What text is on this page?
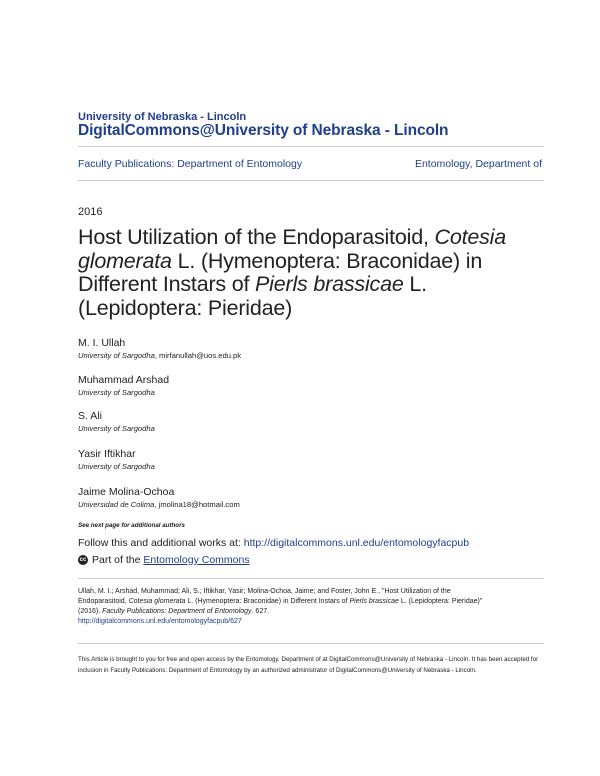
University of Nebraska - Lincoln
DigitalCommons@University of Nebraska - Lincoln
Faculty Publications: Department of Entomology	Entomology, Department of
2016
Host Utilization of the Endoparasitoid, Cotesia glomerata L. (Hymenoptera: Braconidae) in Different Instars of Pierls brassicae L. (Lepidoptera: Pieridae)
M. I. Ullah
University of Sargodha, mirfanullah@uos.edu.pk
Muhammad Arshad
University of Sargodha
S. Ali
University of Sargodha
Yasir Iftikhar
University of Sargodha
Jaime Molina-Ochoa
Universidad de Colima, jmolina18@hotmail.com
See next page for additional authors
Follow this and additional works at: http://digitalcommons.unl.edu/entomologyfacpub
cc Part of the
Entomology Commons
Ullah, M. I.; Arshad, Muhammad; Ali, S.; Iftikhar, Yasir; Molina-Ochoa, Jaime; and Foster, John E., "Host Utilization of the
Endoparasitoid, Cotesia glomerata L. (Hymenoptera: Braconidae) in Different Instars of Pierls brassicae L. (Lepidoptera: Pieridae)"
(2016). Faculty Publications: Department of Entomology. 627.
http://digitalcommons.unl.edu/entomologyfacpub/627
This Article is brought to you for free and open access by the Entomology, Department of at DigitalCommons@University of Nebraska - Lincoln. It has been accepted for inclusion in Faculty Publications: Department of Entomology by an authorized administrator of DigitalCommons@University of Nebraska - Lincoln.
